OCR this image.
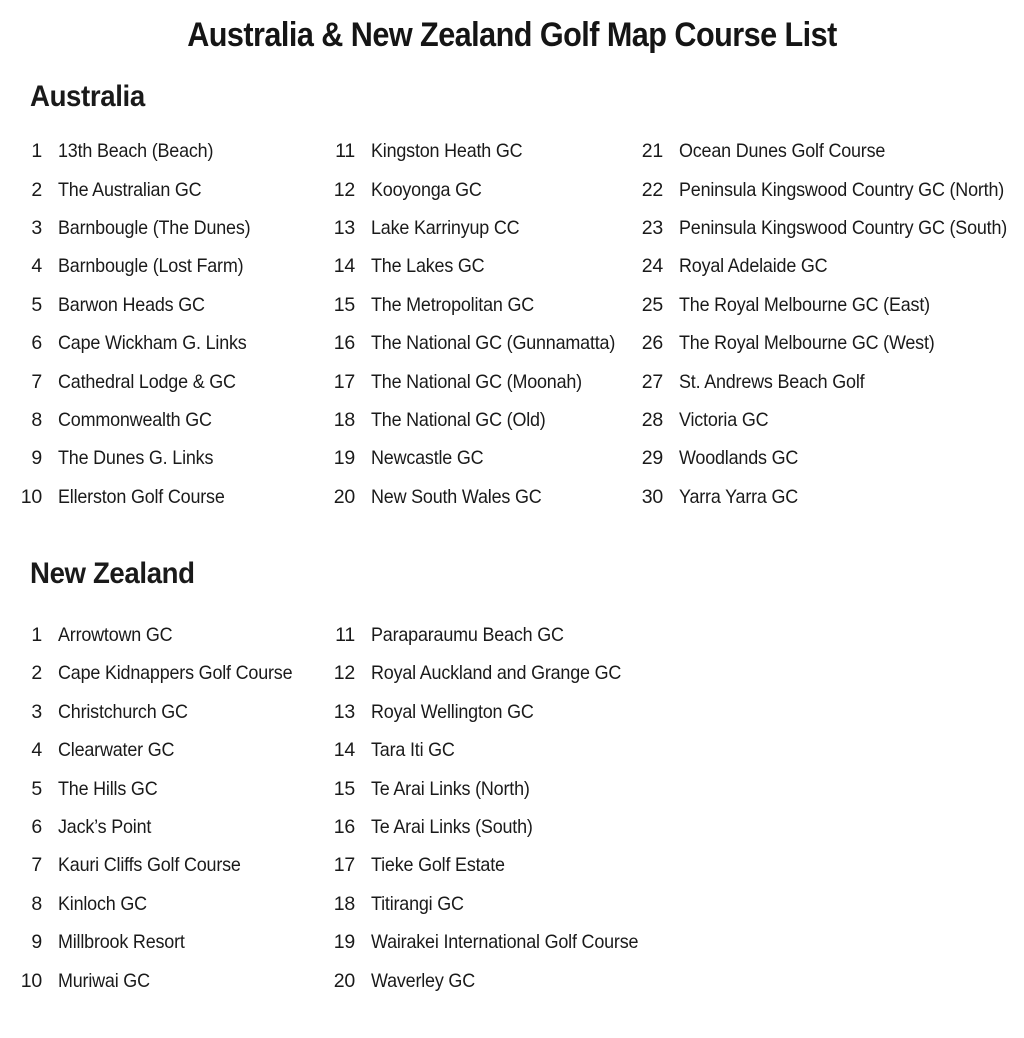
Australia & New Zealand Golf Map Course List
Australia
1 13th Beach (Beach)
2 The Australian GC
3 Barnbougle (The Dunes)
4 Barnbougle (Lost Farm)
5 Barwon Heads GC
6 Cape Wickham G. Links
7 Cathedral Lodge & GC
8 Commonwealth GC
9 The Dunes G. Links
10 Ellerston Golf Course
11 Kingston Heath GC
12 Kooyonga GC
13 Lake Karrinyup CC
14 The Lakes GC
15 The Metropolitan GC
16 The National GC (Gunnamatta)
17 The National GC (Moonah)
18 The National GC (Old)
19 Newcastle GC
20 New South Wales GC
21 Ocean Dunes Golf Course
22 Peninsula Kingswood Country GC (North)
23 Peninsula Kingswood Country GC (South)
24 Royal Adelaide GC
25 The Royal Melbourne GC (East)
26 The Royal Melbourne GC (West)
27 St. Andrews Beach Golf
28 Victoria GC
29 Woodlands GC
30 Yarra Yarra GC
New Zealand
1 Arrowtown GC
2 Cape Kidnappers Golf Course
3 Christchurch GC
4 Clearwater GC
5 The Hills GC
6 Jack’s Point
7 Kauri Cliffs Golf Course
8 Kinloch GC
9 Millbrook Resort
10 Muriwai GC
11 Paraparaumu Beach GC
12 Royal Auckland and Grange GC
13 Royal Wellington GC
14 Tara Iti GC
15 Te Arai Links (North)
16 Te Arai Links (South)
17 Tieke Golf Estate
18 Titirangi GC
19 Wairakei International Golf Course
20 Waverley GC
